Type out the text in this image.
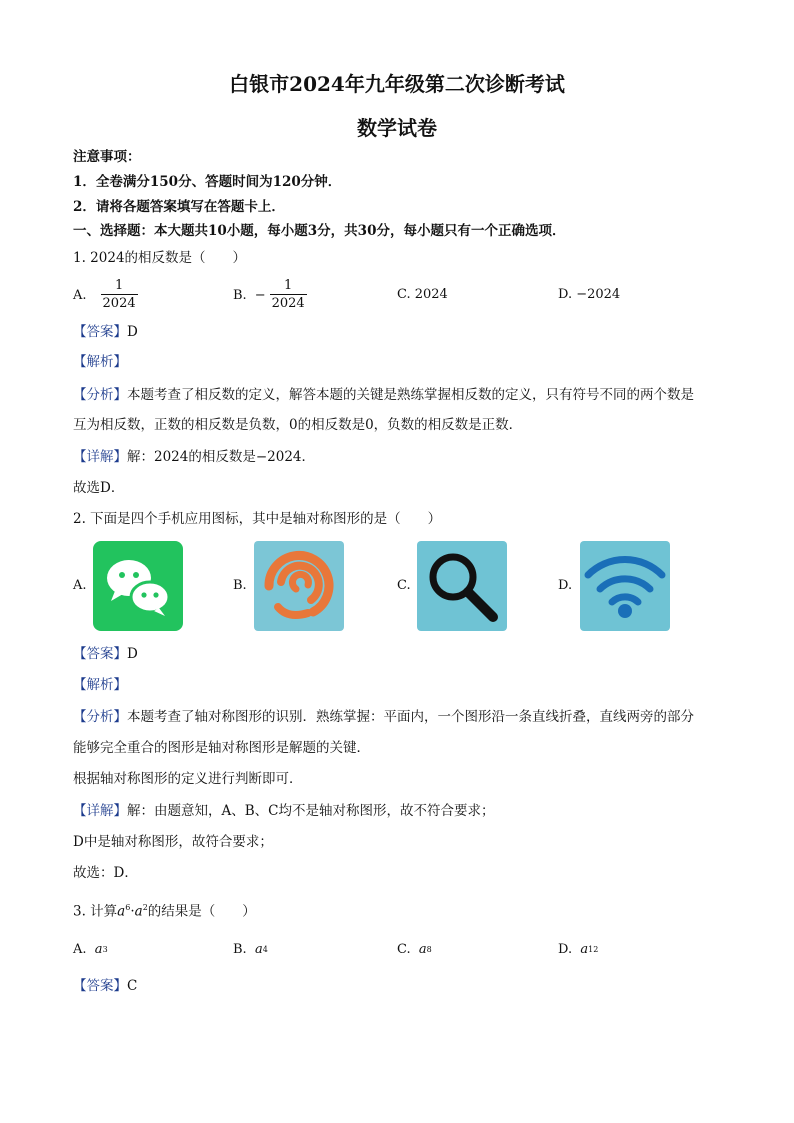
白银市2024年九年级第二次诊断考试
数学试卷
注意事项：
1．全卷满分150分、答题时间为120分钟．
2．请将各题答案填写在答题卡上．
一、选择题：本大题共10小题，每小题3分，共30分，每小题只有一个正确选项．
1. 2024的相反数是（　　）
A. $\frac{1}{2024}$	B. − $\frac{1}{2024}$	C. 2024	D. −2024
【答案】D
【解析】
【分析】本题考查了相反数的定义，解答本题的关键是熟练掌握相反数的定义，只有符号不同的两个数是
互为相反数，正数的相反数是负数，0的相反数是0，负数的相反数是正数．
【详解】解：2024的相反数是−2024．
故选D．
2. 下面是四个手机应用图标，其中是轴对称图形的是（　　）
A.	B.	C.	D.
【答案】D
【解析】
【分析】本题考查了轴对称图形的识别．熟练掌握：平面内，一个图形沿一条直线折叠，直线两旁的部分
能够完全重合的图形是轴对称图形是解题的关键．
根据轴对称图形的定义进行判断即可．
【详解】解：由题意知，A、B、C均不是轴对称图形，故不符合要求；
D中是轴对称图形，故符合要求；
故选：D．
3. 计算$a^6\cdot a^2$的结果是（　　）
A.
a 3	B.
a 4	C.
a 8	D.
a 12
【答案】C
